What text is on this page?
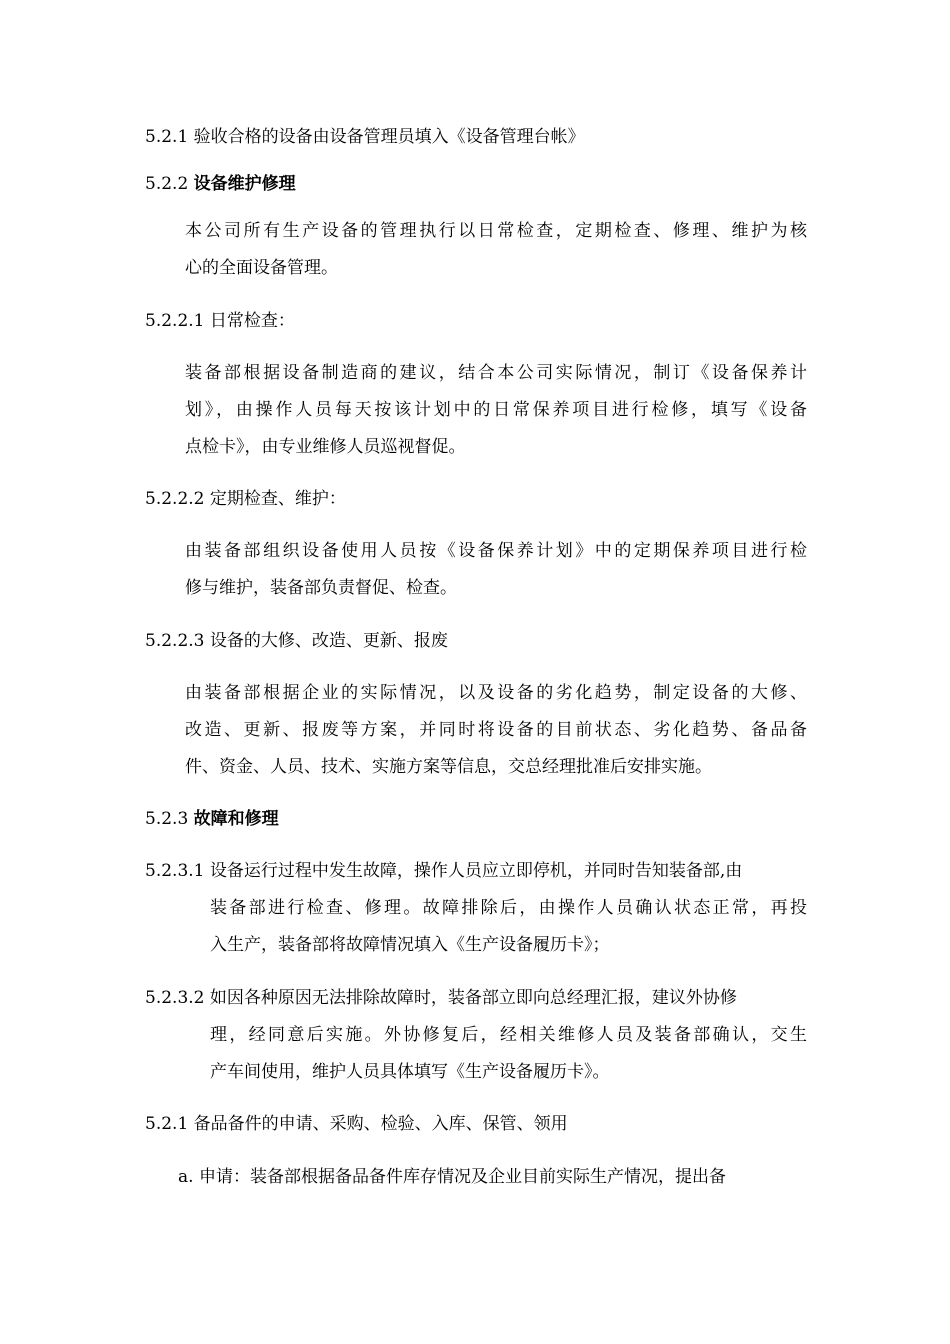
5.2.1 验收合格的设备由设备管理员填入《设备管理台帐》
5.2.2 设备维护修理
本公司所有生产设备的管理执行以日常检查，定期检查、修理、维护为核
心的全面设备管理。
5.2.2.1 日常检查：
装备部根据设备制造商的建议，结合本公司实际情况，制订《设备保养计
划》，由操作人员每天按该计划中的日常保养项目进行检修，填写《设备
点检卡》，由专业维修人员巡视督促。
5.2.2.2 定期检查、维护：
由装备部组织设备使用人员按《设备保养计划》中的定期保养项目进行检
修与维护，装备部负责督促、检查。
5.2.2.3 设备的大修、改造、更新、报废
由装备部根据企业的实际情况，以及设备的劣化趋势，制定设备的大修、
改造、更新、报废等方案，并同时将设备的目前状态、劣化趋势、备品备
件、资金、人员、技术、实施方案等信息，交总经理批准后安排实施。
5.2.3 故障和修理
5.2.3.1 设备运行过程中发生故障，操作人员应立即停机，并同时告知装备部,由
装备部进行检查、修理。故障排除后，由操作人员确认状态正常，再投
入生产，装备部将故障情况填入《生产设备履历卡》；
5.2.3.2 如因各种原因无法排除故障时，装备部立即向总经理汇报，建议外协修
理，经同意后实施。外协修复后，经相关维修人员及装备部确认，交生
产车间使用，维护人员具体填写《生产设备履历卡》。
5.2.1 备品备件的申请、采购、检验、入库、保管、领用
a. 申请：装备部根据备品备件库存情况及企业目前实际生产情况，提出备
